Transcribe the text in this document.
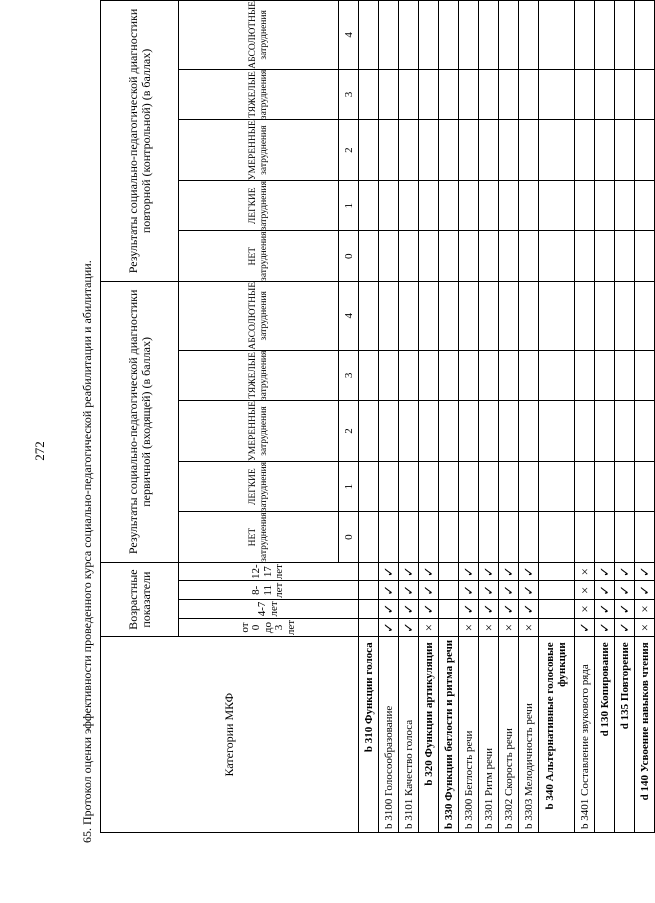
272	65. Протокол оценки эффективности проведенного курса социально-педагогической реабилитации и абилитации.	Категории МКФ	Возрастные показатели				Результаты социально-педагогической диагностики первичной (входящей) (в баллах)					Результаты социально-педагогической диагностики повторной (контрольной) (в баллах)				
	от 0 до 3 лет	4-7 лет	8-11 лет	12-17 лет	НЕТ затруднения	ЛЕГКИЕ затруднения	УМЕРЕННЫЕ затруднения	ТЯЖЕЛЫЕ затруднения	АБСОЛЮТНЫЕ затруднения	НЕТ затруднения	ЛЕГКИЕ затруднения	УМЕРЕННЫЕ затруднения	ТЯЖЕЛЫЕ затруднения	АБСОЛЮТНЫЕ затруднения
					0	1	2	3	4	0	1	2	3	4
b 310 Функции голоса														
b 3100 Голосообразование	✓	✓	✓	✓										
b 3101 Качество голоса	✓	✓	✓	✓										
b 320 Функции артикуляции	×	✓	✓	✓										
b 330 Функции беглости и ритма речи														
b 3300 Беглость речи	×	✓	✓	✓										
b 3301 Ритм речи	×	✓	✓	✓										
b 3302 Скорость речи	×	✓	✓	✓										
b 3303 Мелодичность речи	×	✓	✓	✓										
b 340 Альтернативные голосовые функции														
b 3401 Составление звукового ряда	✓	×	×	×										
d 130 Копирование	✓	✓	✓	✓										
d 135 Повторение	✓	✓	✓	✓										
d 140 Усвоение навыков чтения	×	×	✓	✓										
